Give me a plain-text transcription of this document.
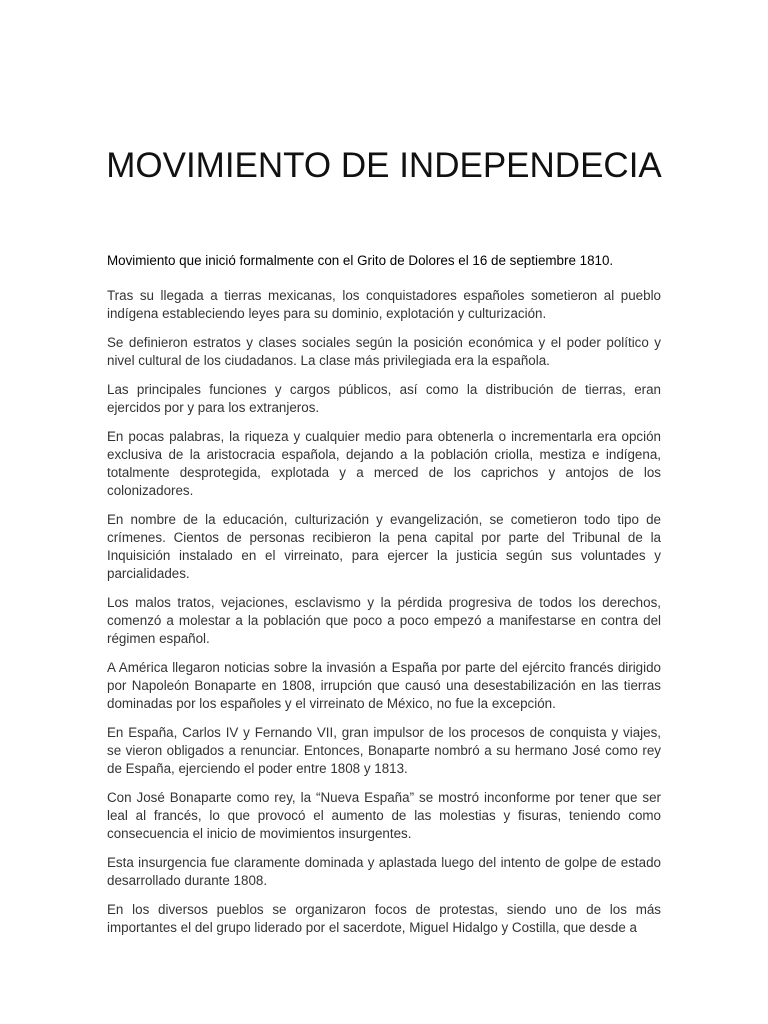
MOVIMIENTO DE INDEPENDECIA

Movimiento que inició formalmente con el Grito de Dolores el 16 de septiembre 1810.

Tras su llegada a tierras mexicanas, los conquistadores españoles sometieron al pueblo indígena estableciendo leyes para su dominio, explotación y culturización.

Se definieron estratos y clases sociales según la posición económica y el poder político y nivel cultural de los ciudadanos. La clase más privilegiada era la española.

Las principales funciones y cargos públicos, así como la distribución de tierras, eran ejercidos por y para los extranjeros.

En pocas palabras, la riqueza y cualquier medio para obtenerla o incrementarla era opción exclusiva de la aristocracia española, dejando a la población criolla, mestiza e indígena, totalmente desprotegida, explotada y a merced de los caprichos y antojos de los colonizadores.

En nombre de la educación, culturización y evangelización, se cometieron todo tipo de crímenes. Cientos de personas recibieron la pena capital por parte del Tribunal de la Inquisición instalado en el virreinato, para ejercer la justicia según sus voluntades y parcialidades.

Los malos tratos, vejaciones, esclavismo y la pérdida progresiva de todos los derechos, comenzó a molestar a la población que poco a poco empezó a manifestarse en contra del régimen español.

A América llegaron noticias sobre la invasión a España por parte del ejército francés dirigido por Napoleón Bonaparte en 1808, irrupción que causó una desestabilización en las tierras dominadas por los españoles y el virreinato de México, no fue la excepción.

En España, Carlos IV y Fernando VII, gran impulsor de los procesos de conquista y viajes, se vieron obligados a renunciar. Entonces, Bonaparte nombró a su hermano José como rey de España, ejerciendo el poder entre 1808 y 1813.

Con José Bonaparte como rey, la “Nueva España” se mostró inconforme por tener que ser leal al francés, lo que provocó el aumento de las molestias y fisuras, teniendo como consecuencia el inicio de movimientos insurgentes.

Esta insurgencia fue claramente dominada y aplastada luego del intento de golpe de estado desarrollado durante 1808.

En los diversos pueblos se organizaron focos de protestas, siendo uno de los más importantes el del grupo liderado por el sacerdote, Miguel Hidalgo y Costilla, que desde a
